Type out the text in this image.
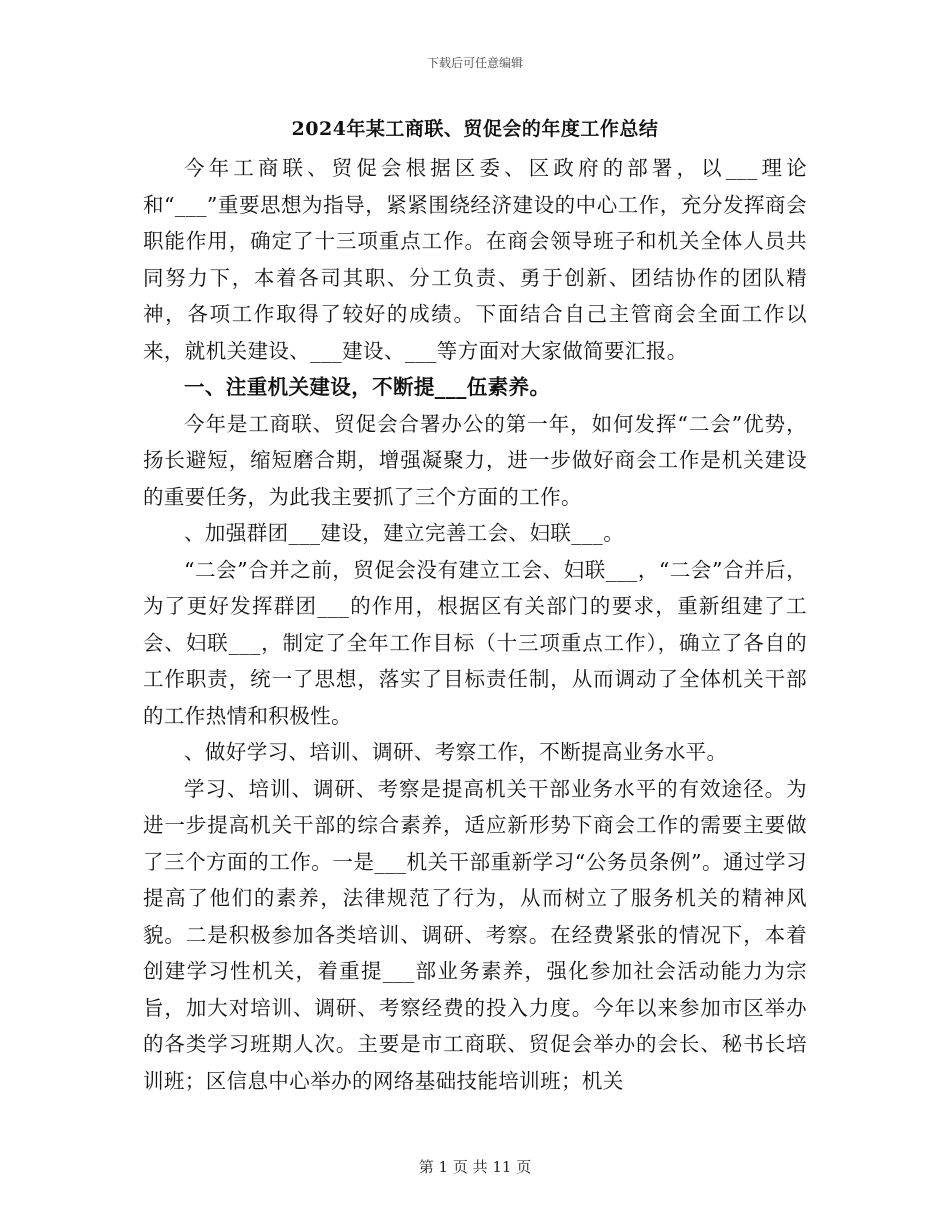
下载后可任意编辑
2024年某工商联、贸促会的年度工作总结

今年工商联、贸促会根据区委、区政府的部署，以___理论和“___”重要思想为指导，紧紧围绕经济建设的中心工作，充分发挥商会职能作用，确定了十三项重点工作。在商会领导班子和机关全体人员共同努力下，本着各司其职、分工负责、勇于创新、团结协作的团队精神，各项工作取得了较好的成绩。下面结合自己主管商会全面工作以来，就机关建设、___建设、___等方面对大家做简要汇报。

一、注重机关建设，不断提___伍素养。

今年是工商联、贸促会合署办公的第一年，如何发挥“二会”优势，扬长避短，缩短磨合期，增强凝聚力，进一步做好商会工作是机关建设的重要任务，为此我主要抓了三个方面的工作。

、加强群团___建设，建立完善工会、妇联___。

“二会”合并之前，贸促会没有建立工会、妇联___，“二会”合并后，为了更好发挥群团___的作用，根据区有关部门的要求，重新组建了工会、妇联___，制定了全年工作目标（十三项重点工作），确立了各自的工作职责，统一了思想，落实了目标责任制，从而调动了全体机关干部的工作热情和积极性。

、做好学习、培训、调研、考察工作，不断提高业务水平。

学习、培训、调研、考察是提高机关干部业务水平的有效途径。为进一步提高机关干部的综合素养，适应新形势下商会工作的需要主要做了三个方面的工作。一是___机关干部重新学习“公务员条例”。通过学习提高了他们的素养，法律规范了行为，从而树立了服务机关的精神风貌。二是积极参加各类培训、调研、考察。在经费紧张的情况下，本着创建学习性机关，着重提___部业务素养，强化参加社会活动能力为宗旨，加大对培训、调研、考察经费的投入力度。今年以来参加市区举办的各类学习班期人次。主要是市工商联、贸促会举办的会长、秘书长培训班；区信息中心举办的网络基础技能培训班；机关

第 1 页 共 11 页
